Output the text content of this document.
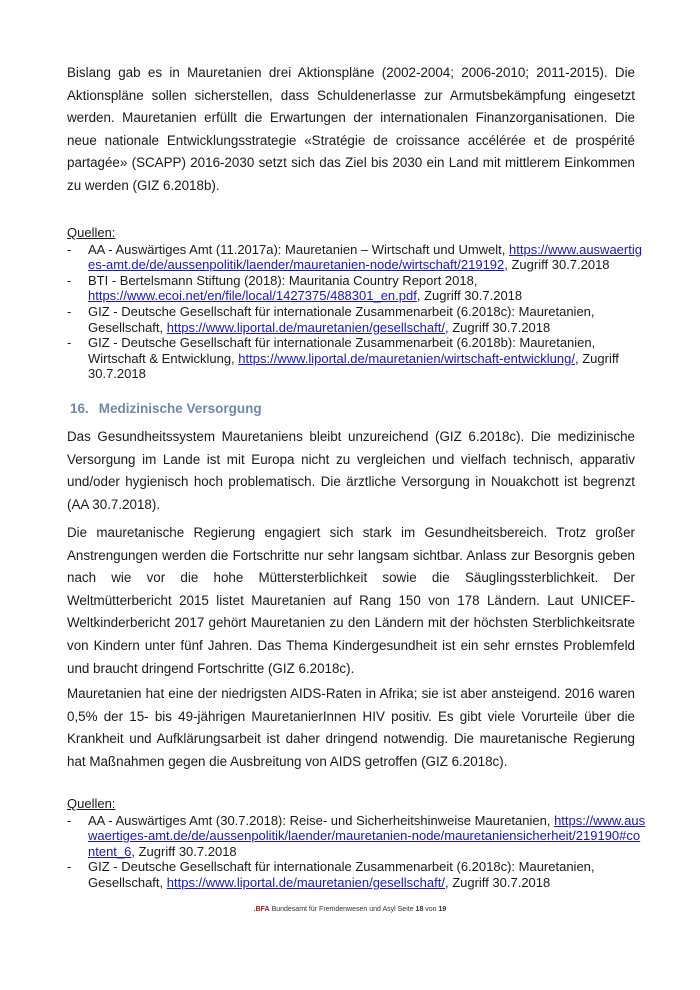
Bislang gab es in Mauretanien drei Aktionspläne (2002-2004; 2006-2010; 2011-2015). Die Aktionspläne sollen sicherstellen, dass Schuldenerlasse zur Armutsbekämpfung eingesetzt werden. Mauretanien erfüllt die Erwartungen der internationalen Finanzorganisationen. Die neue nationale Entwicklungsstrategie «Stratégie de croissance accélérée et de prospérité partagée» (SCAPP) 2016-2030 setzt sich das Ziel bis 2030 ein Land mit mittlerem Einkommen zu werden (GIZ 6.2018b).
Quellen:
- AA - Auswärtiges Amt (11.2017a): Mauretanien – Wirtschaft und Umwelt, https://www.auswaertiges-amt.de/de/aussenpolitik/laender/mauretanien-node/wirtschaft/219192, Zugriff 30.7.2018
- BTI - Bertelsmann Stiftung (2018): Mauritania Country Report 2018, https://www.ecoi.net/en/file/local/1427375/488301_en.pdf, Zugriff 30.7.2018
- GIZ - Deutsche Gesellschaft für internationale Zusammenarbeit (6.2018c): Mauretanien, Gesellschaft, https://www.liportal.de/mauretanien/gesellschaft/, Zugriff 30.7.2018
- GIZ - Deutsche Gesellschaft für internationale Zusammenarbeit (6.2018b): Mauretanien, Wirtschaft & Entwicklung, https://www.liportal.de/mauretanien/wirtschaft-entwicklung/, Zugriff 30.7.2018
16. Medizinische Versorgung
Das Gesundheitssystem Mauretaniens bleibt unzureichend (GIZ 6.2018c). Die medizinische Versorgung im Lande ist mit Europa nicht zu vergleichen und vielfach technisch, apparativ und/oder hygienisch hoch problematisch. Die ärztliche Versorgung in Nouakchott ist begrenzt (AA 30.7.2018).
Die mauretanische Regierung engagiert sich stark im Gesundheitsbereich. Trotz großer Anstrengungen werden die Fortschritte nur sehr langsam sichtbar. Anlass zur Besorgnis geben nach wie vor die hohe Müttersterblichkeit sowie die Säuglingssterblichkeit. Der Weltmütterbericht 2015 listet Mauretanien auf Rang 150 von 178 Ländern. Laut UNICEF-Weltkinderbericht 2017 gehört Mauretanien zu den Ländern mit der höchsten Sterblichkeitsrate von Kindern unter fünf Jahren. Das Thema Kindergesundheit ist ein sehr ernstes Problemfeld und braucht dringend Fortschritte (GIZ 6.2018c).
Mauretanien hat eine der niedrigsten AIDS-Raten in Afrika; sie ist aber ansteigend. 2016 waren 0,5% der 15- bis 49-jährigen MauretanierInnen HIV positiv. Es gibt viele Vorurteile über die Krankheit und Aufklärungsarbeit ist daher dringend notwendig. Die mauretanische Regierung hat Maßnahmen gegen die Ausbreitung von AIDS getroffen (GIZ 6.2018c).
Quellen:
- AA - Auswärtiges Amt (30.7.2018): Reise- und Sicherheitshinweise Mauretanien, https://www.auswaertiges-amt.de/de/aussenpolitik/laender/mauretanien-node/mauretaniensicherheit/219190#content_6, Zugriff 30.7.2018
- GIZ - Deutsche Gesellschaft für internationale Zusammenarbeit (6.2018c): Mauretanien, Gesellschaft, https://www.liportal.de/mauretanien/gesellschaft/, Zugriff 30.7.2018
.BFA Bundesamt für Fremdenwesen und Asyl Seite 18 von 19
